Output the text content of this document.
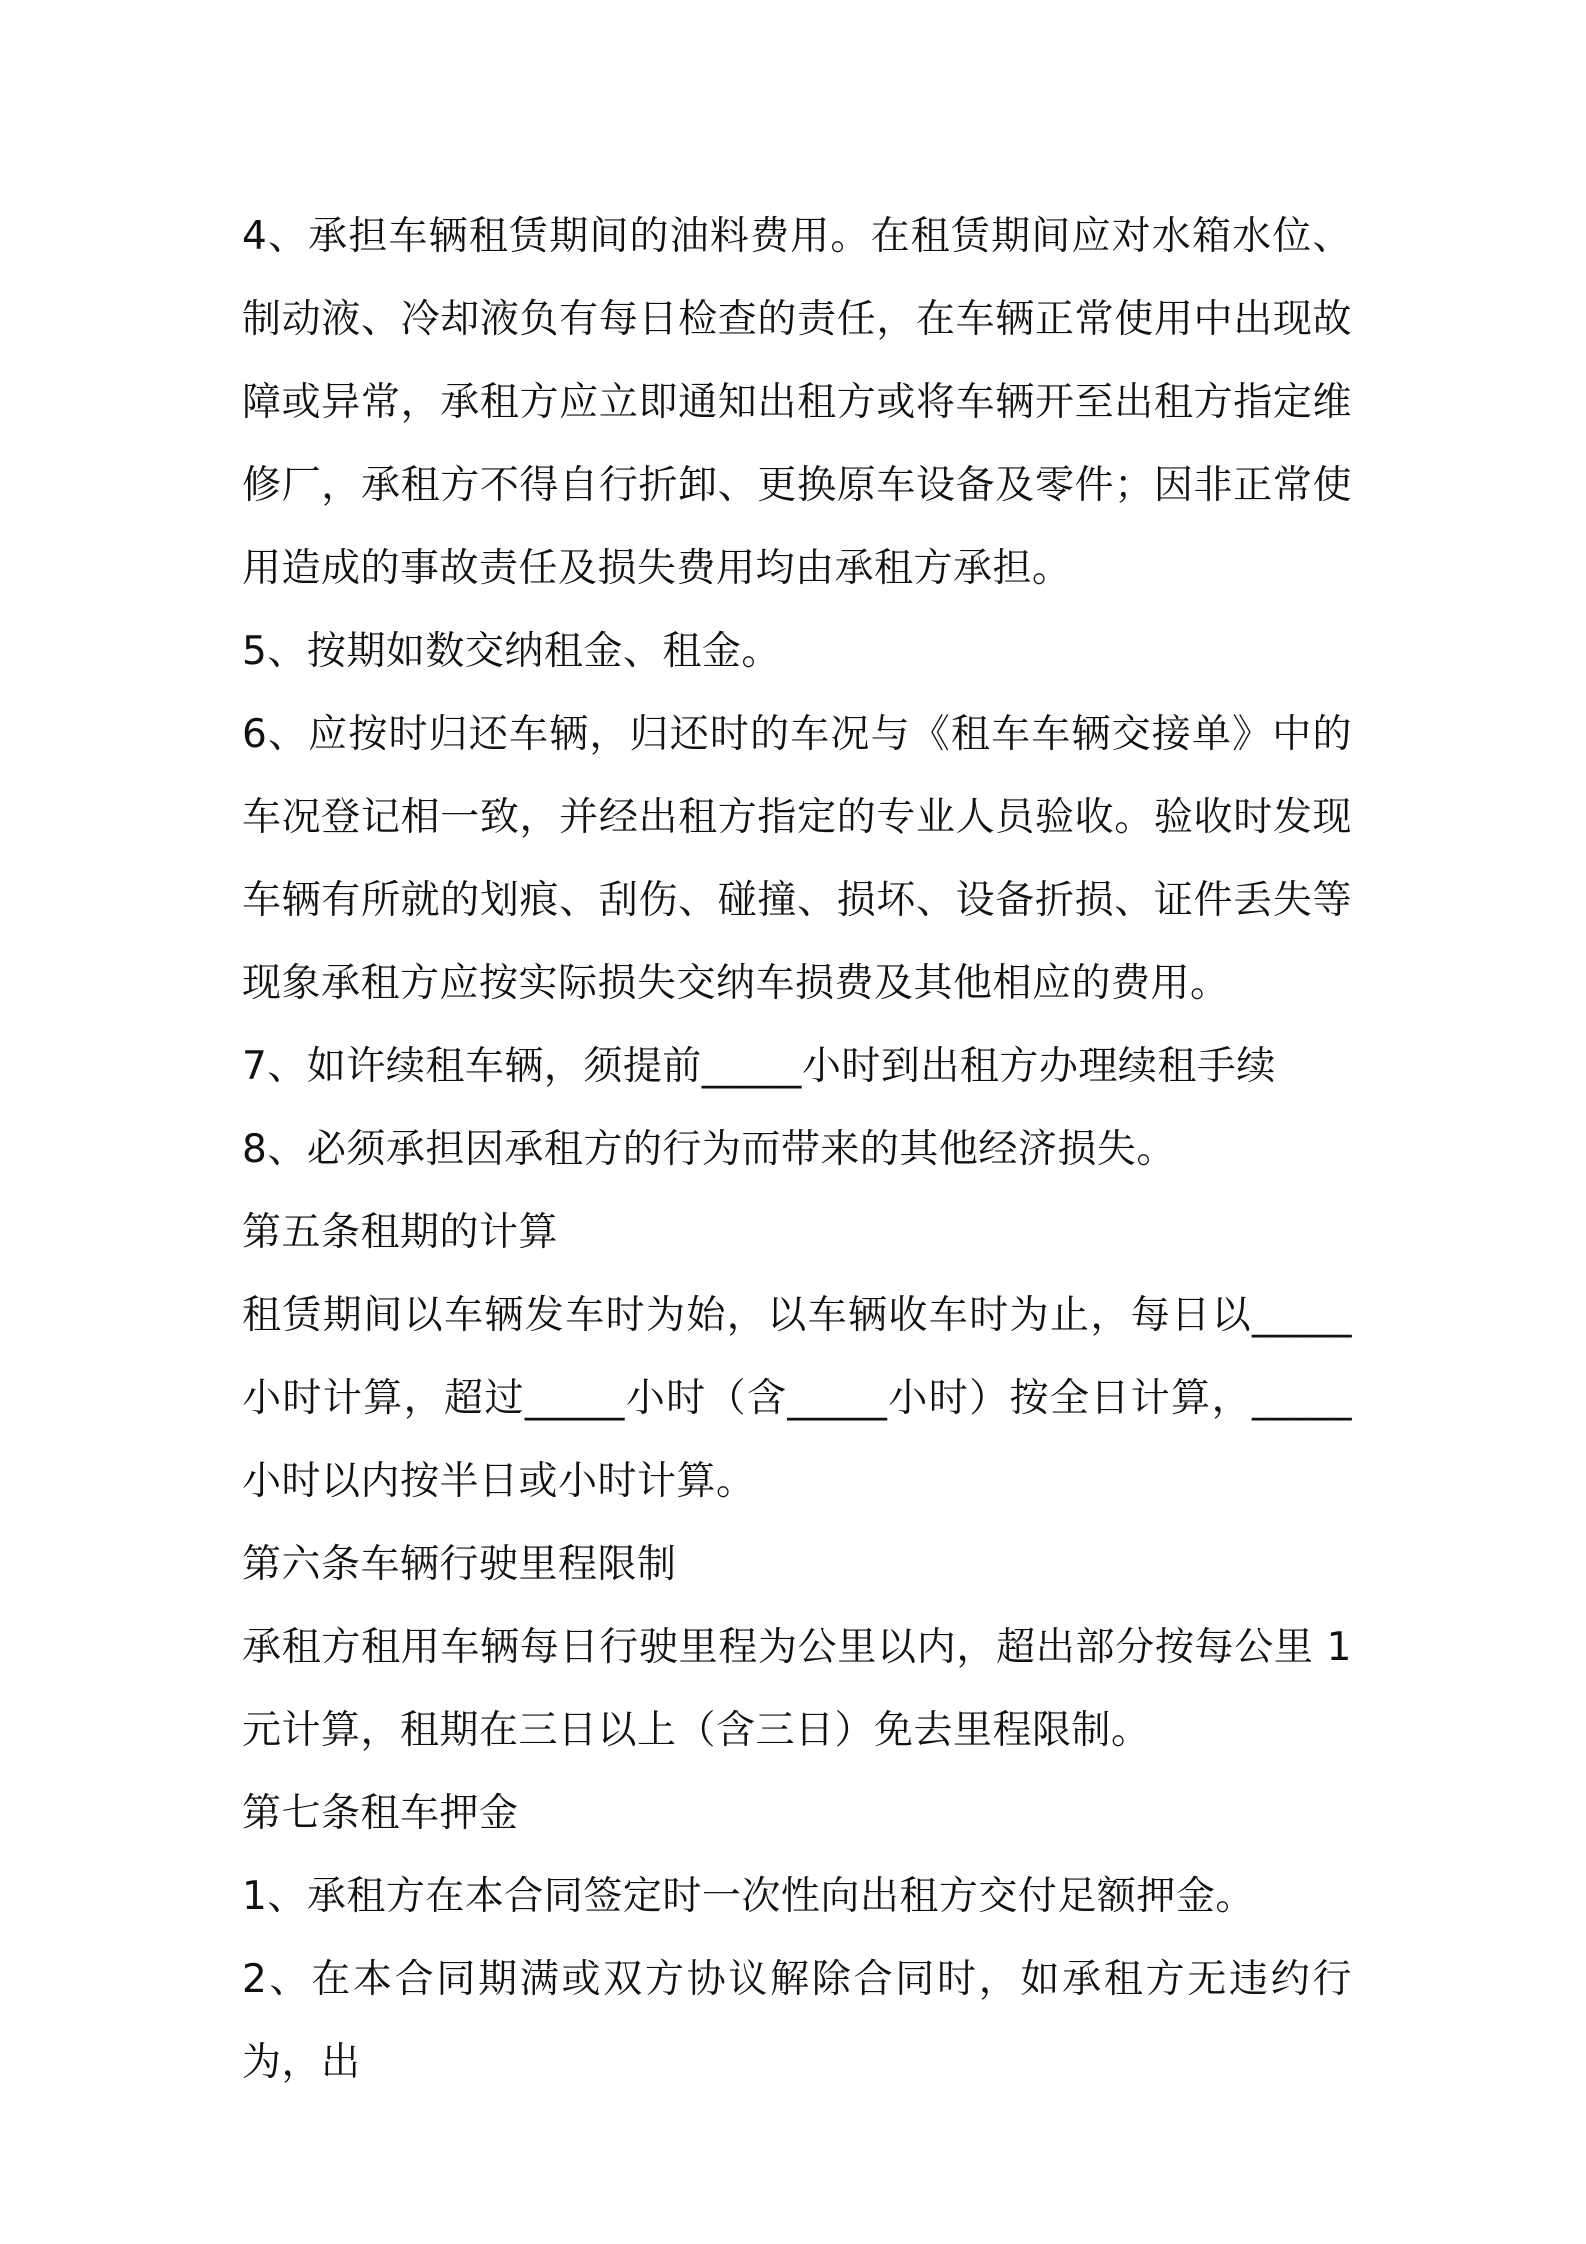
4、承担车辆租赁期间的油料费用。在租赁期间应对水箱水位、制动液、冷却液负有每日检查的责任，在车辆正常使用中出现故障或异常，承租方应立即通知出租方或将车辆开至出租方指定维修厂，承租方不得自行折卸、更换原车设备及零件；因非正常使用造成的事故责任及损失费用均由承租方承担。

5、按期如数交纳租金、租金。

6、应按时归还车辆，归还时的车况与《租车车辆交接单》中的车况登记相一致，并经出租方指定的专业人员验收。验收时发现车辆有所就的划痕、刮伤、碰撞、损坏、设备折损、证件丢失等现象承租方应按实际损失交纳车损费及其他相应的费用。

7、如许续租车辆，须提前_____小时到出租方办理续租手续

8、必须承担因承租方的行为而带来的其他经济损失。

第五条租期的计算

租赁期间以车辆发车时为始，以车辆收车时为止，每日以_____小时计算，超过_____小时（含_____小时）按全日计算，_____小时以内按半日或小时计算。

第六条车辆行驶里程限制

承租方租用车辆每日行驶里程为公里以内，超出部分按每公里 1 元计算，租期在三日以上（含三日）免去里程限制。

第七条租车押金

1、承租方在本合同签定时一次性向出租方交付足额押金。

2、在本合同期满或双方协议解除合同时，如承租方无违约行为，出
